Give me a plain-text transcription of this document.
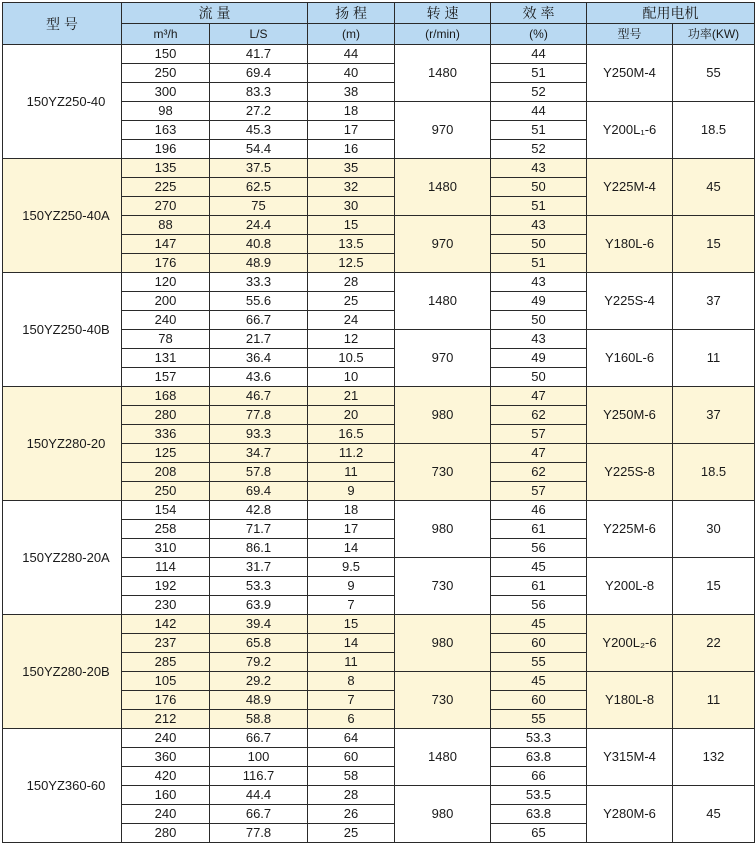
型 号	流 量		扬 程	转 速	效 率	配用电机	
	m³/h	L/S	(m)	(r/min)	(%)	型号	功率(KW)
150YZ250-40	150	41.7	44	1480	44	Y250M-4	55
	250	69.4	40		51		
	300	83.3	38		52		
	98	27.2	18	970	44	Y200L₁-6	18.5
	163	45.3	17		51		
	196	54.4	16		52		
150YZ250-40A	135	37.5	35	1480	43	Y225M-4	45
	225	62.5	32		50		
	270	75	30		51		
	88	24.4	15	970	43	Y180L-6	15
	147	40.8	13.5		50		
	176	48.9	12.5		51		
150YZ250-40B	120	33.3	28	1480	43	Y225S-4	37
	200	55.6	25		49		
	240	66.7	24		50		
	78	21.7	12	970	43	Y160L-6	11
	131	36.4	10.5		49		
	157	43.6	10		50		
150YZ280-20	168	46.7	21	980	47	Y250M-6	37
	280	77.8	20		62		
	336	93.3	16.5		57		
	125	34.7	11.2	730	47	Y225S-8	18.5
	208	57.8	11		62		
	250	69.4	9		57		
150YZ280-20A	154	42.8	18	980	46	Y225M-6	30
	258	71.7	17		61		
	310	86.1	14		56		
	114	31.7	9.5	730	45	Y200L-8	15
	192	53.3	9		61		
	230	63.9	7		56		
150YZ280-20B	142	39.4	15	980	45	Y200L₂-6	22
	237	65.8	14		60		
	285	79.2	11		55		
	105	29.2	8	730	45	Y180L-8	11
	176	48.9	7		60		
	212	58.8	6		55		
150YZ360-60	240	66.7	64	1480	53.3	Y315M-4	132
	360	100	60		63.8		
	420	116.7	58		66		
	160	44.4	28	980	53.5	Y280M-6	45
	240	66.7	26		63.8		
	280	77.8	25		65		
